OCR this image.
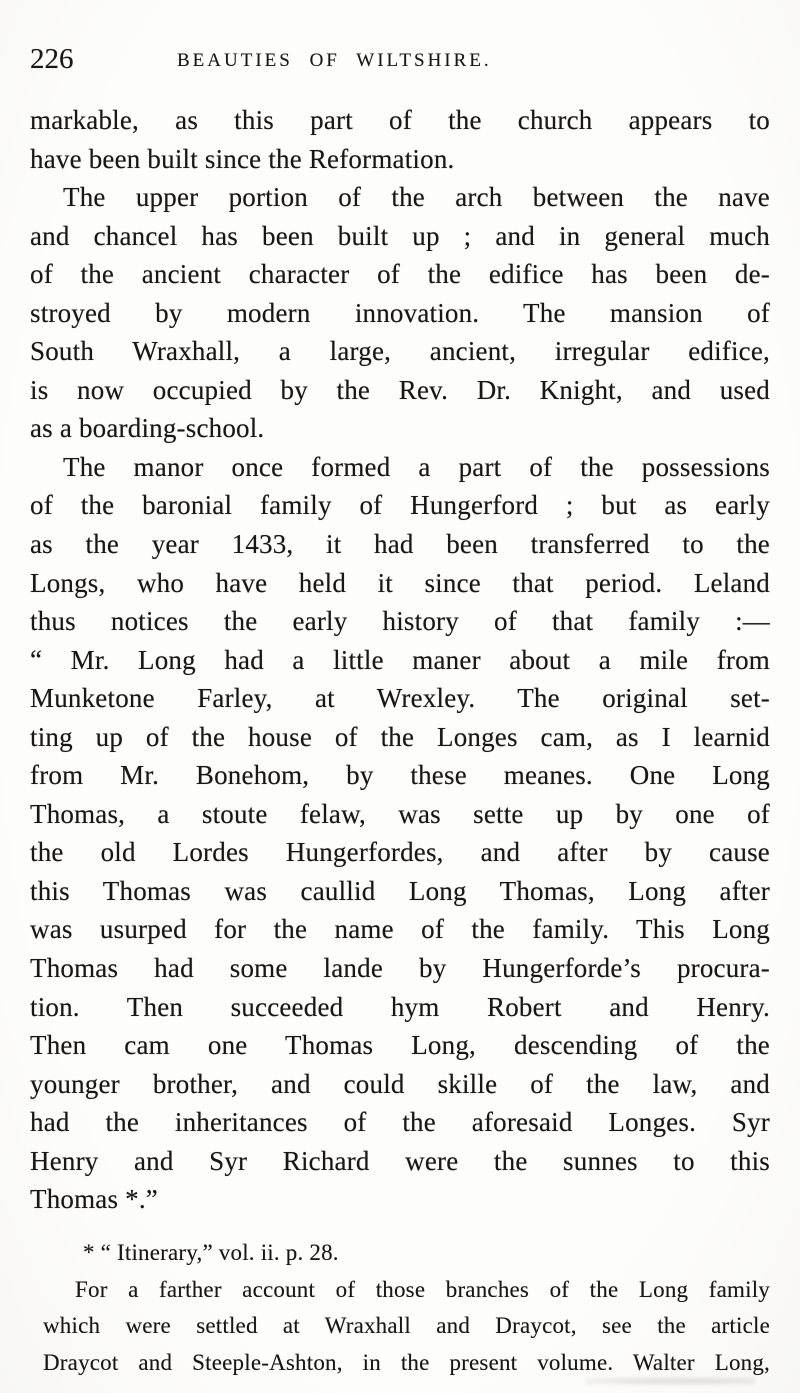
226	BEAUTIES OF WILTSHIRE.
markable, as this part of the church appears to
have been built since the Reformation.
The upper portion of the arch between the nave
and chancel has been built up ; and in general much
of the ancient character of the edifice has been de-
stroyed by modern innovation. The mansion of
South Wraxhall, a large, ancient, irregular edifice,
is now occupied by the Rev. Dr. Knight, and used
as a boarding-school.
The manor once formed a part of the possessions
of the baronial family of Hungerford ; but as early
as the year 1433, it had been transferred to the
Longs, who have held it since that period. Leland
thus notices the early history of that family :—
“ Mr. Long had a little maner about a mile from
Munketone Farley, at Wrexley. The original set-
ting up of the house of the Longes cam, as I learnid
from Mr. Bonehom, by these meanes. One Long
Thomas, a stoute felaw, was sette up by one of
the old Lordes Hungerfordes, and after by cause
this Thomas was caullid Long Thomas, Long after
was usurped for the name of the family. This Long
Thomas had some lande by Hungerforde’s procura-
tion. Then succeeded hym Robert and Henry.
Then cam one Thomas Long, descending of the
younger brother, and could skille of the law, and
had the inheritances of the aforesaid Longes. Syr
Henry and Syr Richard were the sunnes to this
Thomas *.”
* “ Itinerary,” vol. ii. p. 28.
For a farther account of those branches of the Long family
which were settled at Wraxhall and Draycot, see the article
Draycot and Steeple-Ashton, in the present volume. Walter Long,
